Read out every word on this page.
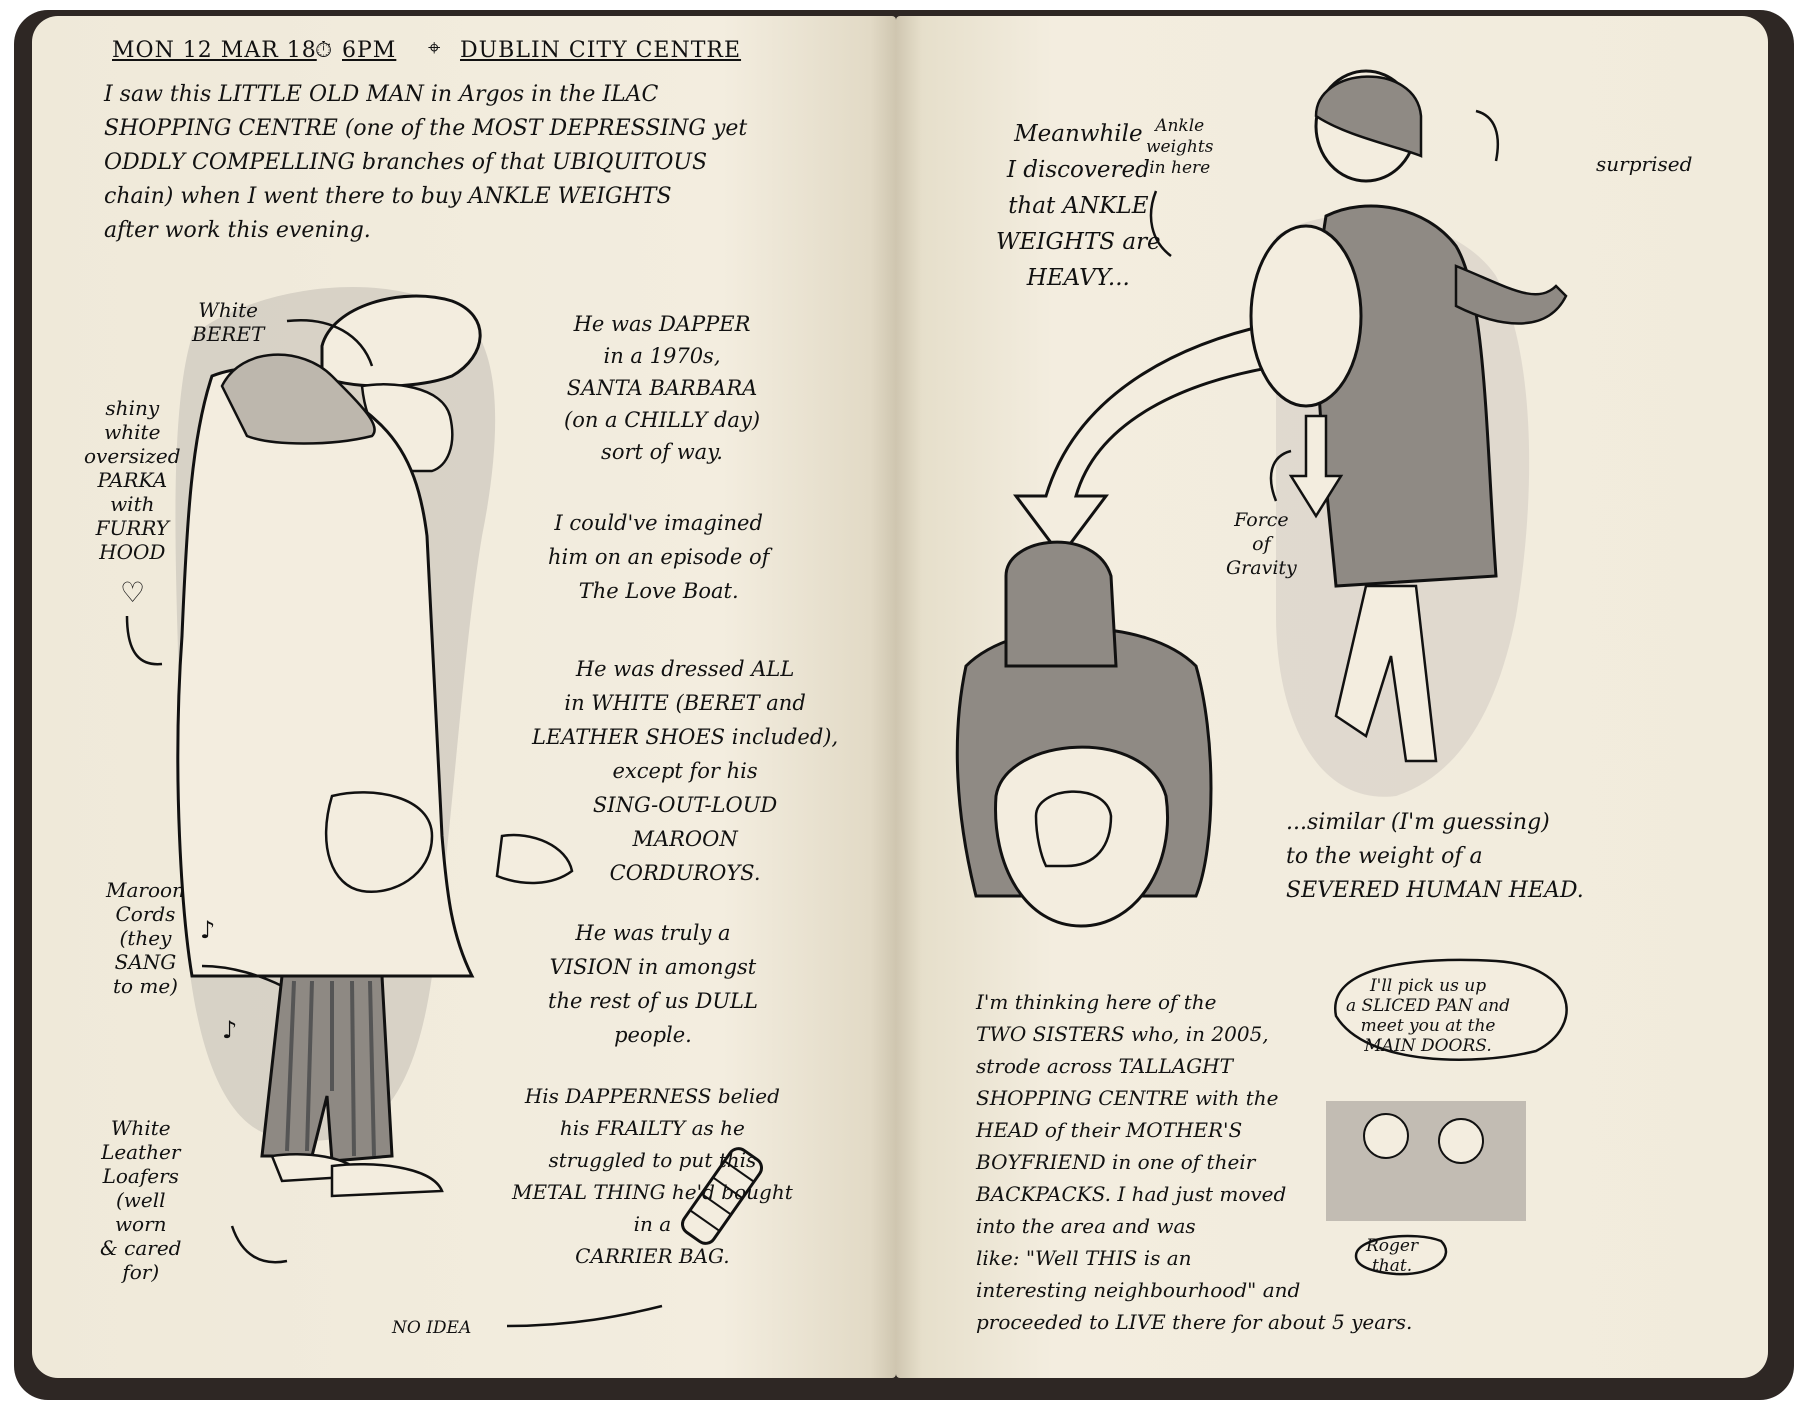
MON 12 MAR 18
⏱ 6PM ⌖ DUBLIN CITY CENTRE
I saw this LITTLE OLD MAN in Argos in the ILAC
SHOPPING CENTRE (one of the MOST DEPRESSING yet
ODDLY COMPELLING branches of that UBIQUITOUS
chain) when I went there to buy ANKLE WEIGHTS
after work this evening.
♡
♪
♪
White
BERET
shiny
white
oversized
PARKA
with
FURRY
HOOD
Maroon
Cords
(they
SANG
to me)
White
Leather
Loafers
(well
worn
& cared
for)
NO IDEA
He was DAPPER
in a 1970s,
SANTA BARBARA
(on a CHILLY day)
sort of way.
I could've imagined
him on an episode of
The Love Boat.
He was dressed ALL
in WHITE (BERET and
LEATHER SHOES included),
except for his
SING-OUT-LOUD
MAROON
CORDUROYS.
He was truly a
VISION in amongst
the rest of us DULL
people.
His DAPPERNESS belied
his FRAILTY as he
struggled to put this
METAL THING he'd bought
in a
CARRIER BAG.
Meanwhile
I discovered
that ANKLE
WEIGHTS are
HEAVY...
Ankle
weights
in here	surprised
Force
of
Gravity
...similar (I'm guessing)
to the weight of a
SEVERED HUMAN HEAD.
I'm thinking here of the
TWO SISTERS who, in 2005,
strode across TALLAGHT
SHOPPING CENTRE with the
HEAD of their MOTHER'S
BOYFRIEND in one of their
BACKPACKS. I had just moved
into the area and was
like: "Well THIS is an
interesting neighbourhood" and
proceeded to LIVE there for about 5 years.
I'll pick us up
a SLICED PAN and
meet you at the
MAIN DOORS.
Roger
that.
